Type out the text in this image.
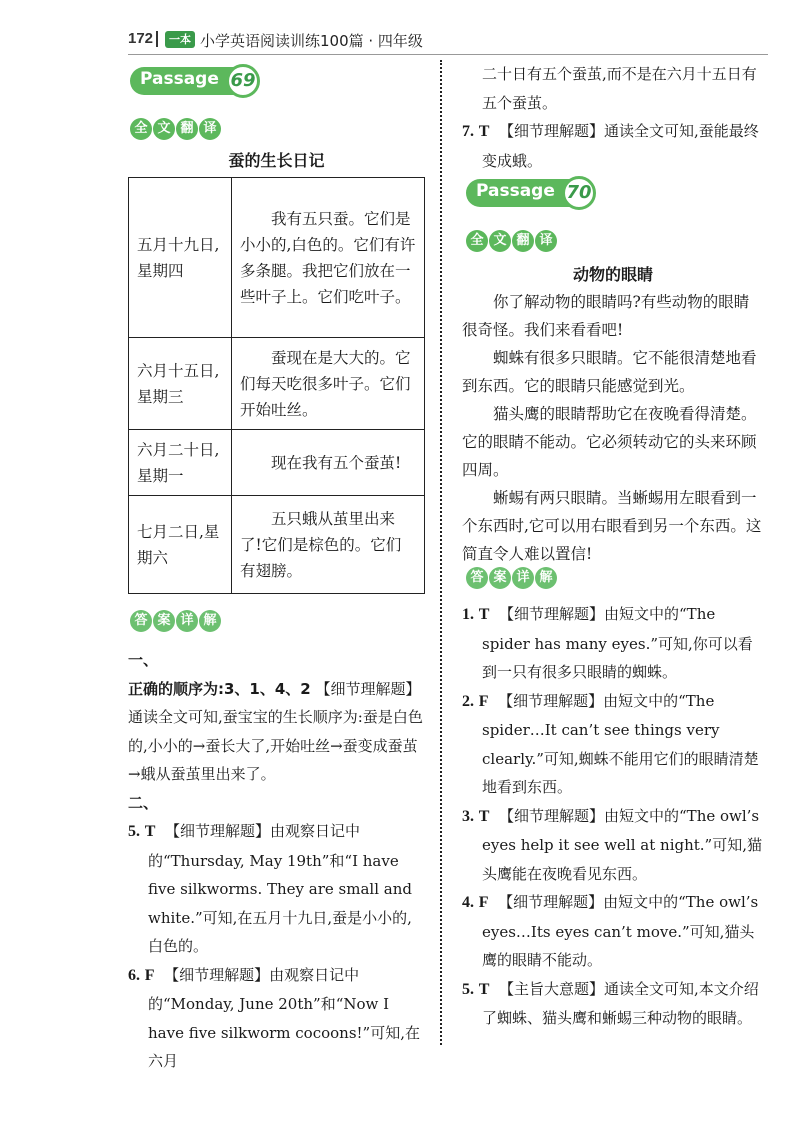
172	一本 小学英语阅读训练100篇 · 四年级
Passage 69
全 文 翻 译
蚕的生长日记
五月十九日,星期四	我有五只蚕。它们是小小的,白色的。它们有许多条腿。我把它们放在一些叶子上。它们吃叶子。
六月十五日,星期三	蚕现在是大大的。它们每天吃很多叶子。它们开始吐丝。
六月二十日,星期一	现在我有五个蚕茧!
七月二日,星期六	五只蛾从茧里出来了!它们是棕色的。它们有翅膀。
答 案 详 解

一、

正确的顺序为:3、1、4、2 【细节理解题】通读全文可知,蚕宝宝的生长顺序为:蚕是白色的,小小的→蚕长大了,开始吐丝→蚕变成蚕茧→蛾从蚕茧里出来了。

二、

5. T 【细节理解题】由观察日记中的“Thursday, May 19th”和“I have five silkworms. They are small and white.”可知,在五月十九日,蚕是小小的,白色的。

6. F 【细节理解题】由观察日记中的“Monday, June 20th”和“Now I have five silkworm cocoons!”可知,在六月

二十日有五个蚕茧,而不是在六月十五日有五个蚕茧。

7. T 【细节理解题】通读全文可知,蚕能最终变成蛾。

Passage 70
全 文 翻 译
动物的眼睛

你了解动物的眼睛吗?有些动物的眼睛很奇怪。我们来看看吧!

蜘蛛有很多只眼睛。它不能很清楚地看到东西。它的眼睛只能感觉到光。

猫头鹰的眼睛帮助它在夜晚看得清楚。它的眼睛不能动。它必须转动它的头来环顾四周。

蜥蜴有两只眼睛。当蜥蜴用左眼看到一个东西时,它可以用右眼看到另一个东西。这简直令人难以置信!

答 案 详 解

1. T 【细节理解题】由短文中的“The spider has many eyes.”可知,你可以看到一只有很多只眼睛的蜘蛛。

2. F 【细节理解题】由短文中的“The spider…It can’t see things very clearly.”可知,蜘蛛不能用它们的眼睛清楚地看到东西。

3. T 【细节理解题】由短文中的“The owl’s eyes help it see well at night.”可知,猫头鹰能在夜晚看见东西。

4. F 【细节理解题】由短文中的“The owl’s eyes…Its eyes can’t move.”可知,猫头鹰的眼睛不能动。

5. T 【主旨大意题】通读全文可知,本文介绍了蜘蛛、猫头鹰和蜥蜴三种动物的眼睛。
